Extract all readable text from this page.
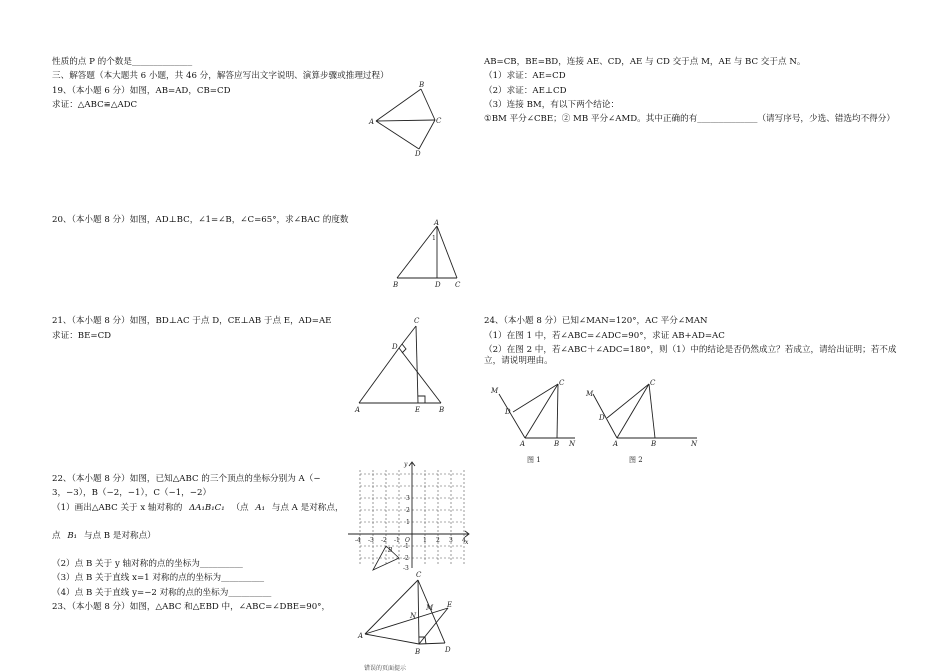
性质的点 P 的个数是______________
三、解答题（本大题共 6 小题，共 46 分，解答应写出文字说明、演算步骤或推理过程）
19、（本小题 6 分）如图，AB=AD，CB=CD
求证：△ABC≌△ADC
20、（本小题 8 分）如图，AD⊥BC，∠1=∠B，∠C=65°，求∠BAC 的度数
21、（本小题 8 分）如图，BD⊥AC 于点 D，CE⊥AB 于点 E，AD=AE
求证：BE=CD
22、（本小题 8 分）如图，已知△ABC 的三个顶点的坐标分别为 A（−
3，−3），B（−2，−1），C（−1，−2）
（1）画出△ABC 关于 x 轴对称的 ΔA₁B₁C₁ （点 A₁ 与点 A 是对称点，
点 B₁ 与点 B 是对称点）
（2）点 B 关于 y 轴对称的点的坐标为__________
（3）点 B 关于直线 x=1 对称的点的坐标为__________
（4）点 B 关于直线 y=−2 对称的点的坐标为__________
23、（本小题 8 分）如图，△ABC 和△EBD 中，∠ABC=∠DBE=90°，
AB=CB，BE=BD，连接 AE、CD，AE 与 CD 交于点 M，AE 与 BC 交于点 N。
（1）求证：AE=CD
（2）求证：AE⊥CD
（3）连接 BM，有以下两个结论：
①BM 平分∠CBE；② MB 平分∠AMD。其中正确的有______________（请写序号，少选、错选均不得分）
24、（本小题 8 分）已知∠MAN=120°，AC 平分∠MAN
（1）在图 1 中，若∠ABC=∠ADC=90°，求证 AB+AD=AC
（2）在图 2 中，若∠ABC＋∠ADC=180°，则（1）中的结论是否仍然成立？若成立，请给出证明；若不成立，请说明理由。
A
B
C
D
A
1
B	D C
C
D
A	E	B
y
x
O
-4 -3 -2 -1	1 2 3 4
3
2
1
-1
-2
-3
B
C
M E
N
A
B	D
错误的页面提示
M
C
D
A	B N
图 1
M
C
D
A	B	N
图 2
